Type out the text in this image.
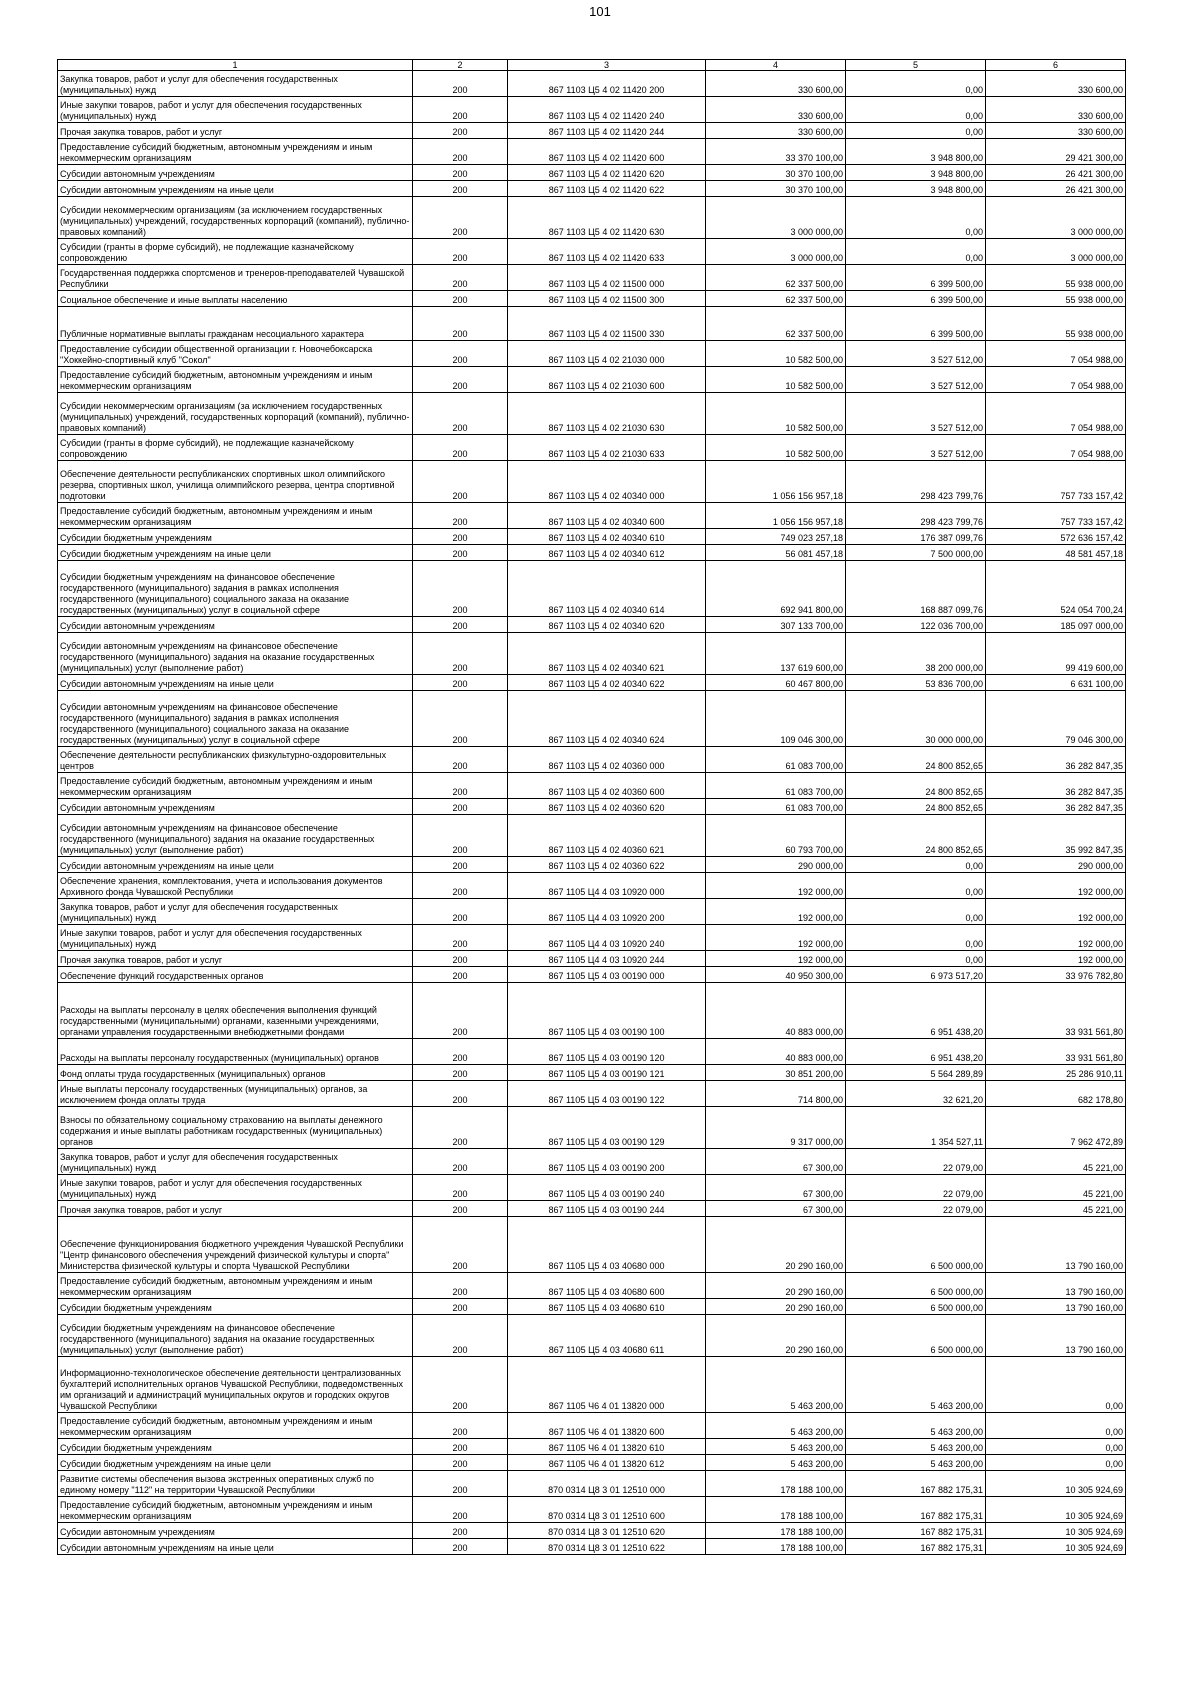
101
1	2	3	4	5	6
Закупка товаров, работ и услуг для обеспечения государственных (муниципальных) нужд	200	867 1103 Ц5 4 02 11420 200	330 600,00	0,00	330 600,00
Иные закупки товаров, работ и услуг для обеспечения государственных (муниципальных) нужд	200	867 1103 Ц5 4 02 11420 240	330 600,00	0,00	330 600,00
Прочая закупка товаров, работ и услуг	200	867 1103 Ц5 4 02 11420 244	330 600,00	0,00	330 600,00
Предоставление субсидий бюджетным, автономным учреждениям и иным некоммерческим организациям	200	867 1103 Ц5 4 02 11420 600	33 370 100,00	3 948 800,00	29 421 300,00
Субсидии автономным учреждениям	200	867 1103 Ц5 4 02 11420 620	30 370 100,00	3 948 800,00	26 421 300,00
Субсидии автономным учреждениям на иные цели	200	867 1103 Ц5 4 02 11420 622	30 370 100,00	3 948 800,00	26 421 300,00
Субсидии некоммерческим организациям (за исключением государственных (муниципальных) учреждений, государственных корпораций (компаний), публично-правовых компаний)	200	867 1103 Ц5 4 02 11420 630	3 000 000,00	0,00	3 000 000,00
Субсидии (гранты в форме субсидий), не подлежащие казначейскому сопровождению	200	867 1103 Ц5 4 02 11420 633	3 000 000,00	0,00	3 000 000,00
Государственная поддержка спортсменов и тренеров-преподавателей Чувашской Республики	200	867 1103 Ц5 4 02 11500 000	62 337 500,00	6 399 500,00	55 938 000,00
Социальное обеспечение и иные выплаты населению	200	867 1103 Ц5 4 02 11500 300	62 337 500,00	6 399 500,00	55 938 000,00
Публичные нормативные выплаты гражданам несоциального характера	200	867 1103 Ц5 4 02 11500 330	62 337 500,00	6 399 500,00	55 938 000,00
Предоставление субсидии общественной организации г. Новочебоксарска "Хоккейно-спортивный клуб "Сокол"	200	867 1103 Ц5 4 02 21030 000	10 582 500,00	3 527 512,00	7 054 988,00
Предоставление субсидий бюджетным, автономным учреждениям и иным некоммерческим организациям	200	867 1103 Ц5 4 02 21030 600	10 582 500,00	3 527 512,00	7 054 988,00
Субсидии некоммерческим организациям (за исключением государственных (муниципальных) учреждений, государственных корпораций (компаний), публично-правовых компаний)	200	867 1103 Ц5 4 02 21030 630	10 582 500,00	3 527 512,00	7 054 988,00
Субсидии (гранты в форме субсидий), не подлежащие казначейскому сопровождению	200	867 1103 Ц5 4 02 21030 633	10 582 500,00	3 527 512,00	7 054 988,00
Обеспечение деятельности республиканских спортивных школ олимпийского резерва, спортивных школ, училища олимпийского резерва, центра спортивной подготовки	200	867 1103 Ц5 4 02 40340 000	1 056 156 957,18	298 423 799,76	757 733 157,42
Предоставление субсидий бюджетным, автономным учреждениям и иным некоммерческим организациям	200	867 1103 Ц5 4 02 40340 600	1 056 156 957,18	298 423 799,76	757 733 157,42
Субсидии бюджетным учреждениям	200	867 1103 Ц5 4 02 40340 610	749 023 257,18	176 387 099,76	572 636 157,42
Субсидии бюджетным учреждениям на иные цели	200	867 1103 Ц5 4 02 40340 612	56 081 457,18	7 500 000,00	48 581 457,18
Субсидии бюджетным учреждениям на финансовое обеспечение государственного (муниципального) задания в рамках исполнения государственного (муниципального) социального заказа на оказание государственных (муниципальных) услуг в социальной сфере	200	867 1103 Ц5 4 02 40340 614	692 941 800,00	168 887 099,76	524 054 700,24
Субсидии автономным учреждениям	200	867 1103 Ц5 4 02 40340 620	307 133 700,00	122 036 700,00	185 097 000,00
Субсидии автономным учреждениям на финансовое обеспечение государственного (муниципального) задания на оказание государственных (муниципальных) услуг (выполнение работ)	200	867 1103 Ц5 4 02 40340 621	137 619 600,00	38 200 000,00	99 419 600,00
Субсидии автономным учреждениям на иные цели	200	867 1103 Ц5 4 02 40340 622	60 467 800,00	53 836 700,00	6 631 100,00
Субсидии автономным учреждениям на финансовое обеспечение государственного (муниципального) задания в рамках исполнения государственного (муниципального) социального заказа на оказание государственных (муниципальных) услуг в социальной сфере	200	867 1103 Ц5 4 02 40340 624	109 046 300,00	30 000 000,00	79 046 300,00
Обеспечение деятельности республиканских физкультурно-оздоровительных центров	200	867 1103 Ц5 4 02 40360 000	61 083 700,00	24 800 852,65	36 282 847,35
Предоставление субсидий бюджетным, автономным учреждениям и иным некоммерческим организациям	200	867 1103 Ц5 4 02 40360 600	61 083 700,00	24 800 852,65	36 282 847,35
Субсидии автономным учреждениям	200	867 1103 Ц5 4 02 40360 620	61 083 700,00	24 800 852,65	36 282 847,35
Субсидии автономным учреждениям на финансовое обеспечение государственного (муниципального) задания на оказание государственных (муниципальных) услуг (выполнение работ)	200	867 1103 Ц5 4 02 40360 621	60 793 700,00	24 800 852,65	35 992 847,35
Субсидии автономным учреждениям на иные цели	200	867 1103 Ц5 4 02 40360 622	290 000,00	0,00	290 000,00
Обеспечение хранения, комплектования, учета и использования документов Архивного фонда Чувашской Республики	200	867 1105 Ц4 4 03 10920 000	192 000,00	0,00	192 000,00
Закупка товаров, работ и услуг для обеспечения государственных (муниципальных) нужд	200	867 1105 Ц4 4 03 10920 200	192 000,00	0,00	192 000,00
Иные закупки товаров, работ и услуг для обеспечения государственных (муниципальных) нужд	200	867 1105 Ц4 4 03 10920 240	192 000,00	0,00	192 000,00
Прочая закупка товаров, работ и услуг	200	867 1105 Ц4 4 03 10920 244	192 000,00	0,00	192 000,00
Обеспечение функций государственных органов	200	867 1105 Ц5 4 03 00190 000	40 950 300,00	6 973 517,20	33 976 782,80
Расходы на выплаты персоналу в целях обеспечения выполнения функций государственными (муниципальными) органами, казенными учреждениями, органами управления государственными внебюджетными фондами	200	867 1105 Ц5 4 03 00190 100	40 883 000,00	6 951 438,20	33 931 561,80
Расходы на выплаты персоналу государственных (муниципальных) органов	200	867 1105 Ц5 4 03 00190 120	40 883 000,00	6 951 438,20	33 931 561,80
Фонд оплаты труда государственных (муниципальных) органов	200	867 1105 Ц5 4 03 00190 121	30 851 200,00	5 564 289,89	25 286 910,11
Иные выплаты персоналу государственных (муниципальных) органов, за исключением фонда оплаты труда	200	867 1105 Ц5 4 03 00190 122	714 800,00	32 621,20	682 178,80
Взносы по обязательному социальному страхованию на выплаты денежного содержания и иные выплаты работникам государственных (муниципальных) органов	200	867 1105 Ц5 4 03 00190 129	9 317 000,00	1 354 527,11	7 962 472,89
Закупка товаров, работ и услуг для обеспечения государственных (муниципальных) нужд	200	867 1105 Ц5 4 03 00190 200	67 300,00	22 079,00	45 221,00
Иные закупки товаров, работ и услуг для обеспечения государственных (муниципальных) нужд	200	867 1105 Ц5 4 03 00190 240	67 300,00	22 079,00	45 221,00
Прочая закупка товаров, работ и услуг	200	867 1105 Ц5 4 03 00190 244	67 300,00	22 079,00	45 221,00
Обеспечение функционирования бюджетного учреждения Чувашской Республики "Центр финансового обеспечения учреждений физической культуры и спорта" Министерства физической культуры и спорта Чувашской Республики	200	867 1105 Ц5 4 03 40680 000	20 290 160,00	6 500 000,00	13 790 160,00
Предоставление субсидий бюджетным, автономным учреждениям и иным некоммерческим организациям	200	867 1105 Ц5 4 03 40680 600	20 290 160,00	6 500 000,00	13 790 160,00
Субсидии бюджетным учреждениям	200	867 1105 Ц5 4 03 40680 610	20 290 160,00	6 500 000,00	13 790 160,00
Субсидии бюджетным учреждениям на финансовое обеспечение государственного (муниципального) задания на оказание государственных (муниципальных) услуг (выполнение работ)	200	867 1105 Ц5 4 03 40680 611	20 290 160,00	6 500 000,00	13 790 160,00
Информационно-технологическое обеспечение деятельности централизованных бухгалтерий исполнительных органов Чувашской Республики, подведомственных им организаций и администраций муниципальных округов и городских округов Чувашской Республики	200	867 1105 Ч6 4 01 13820 000	5 463 200,00	5 463 200,00	0,00
Предоставление субсидий бюджетным, автономным учреждениям и иным некоммерческим организациям	200	867 1105 Ч6 4 01 13820 600	5 463 200,00	5 463 200,00	0,00
Субсидии бюджетным учреждениям	200	867 1105 Ч6 4 01 13820 610	5 463 200,00	5 463 200,00	0,00
Субсидии бюджетным учреждениям на иные цели	200	867 1105 Ч6 4 01 13820 612	5 463 200,00	5 463 200,00	0,00
Развитие системы обеспечения вызова экстренных оперативных служб по единому номеру "112" на территории Чувашской Республики	200	870 0314 Ц8 3 01 12510 000	178 188 100,00	167 882 175,31	10 305 924,69
Предоставление субсидий бюджетным, автономным учреждениям и иным некоммерческим организациям	200	870 0314 Ц8 3 01 12510 600	178 188 100,00	167 882 175,31	10 305 924,69
Субсидии автономным учреждениям	200	870 0314 Ц8 3 01 12510 620	178 188 100,00	167 882 175,31	10 305 924,69
Субсидии автономным учреждениям на иные цели	200	870 0314 Ц8 3 01 12510 622	178 188 100,00	167 882 175,31	10 305 924,69
